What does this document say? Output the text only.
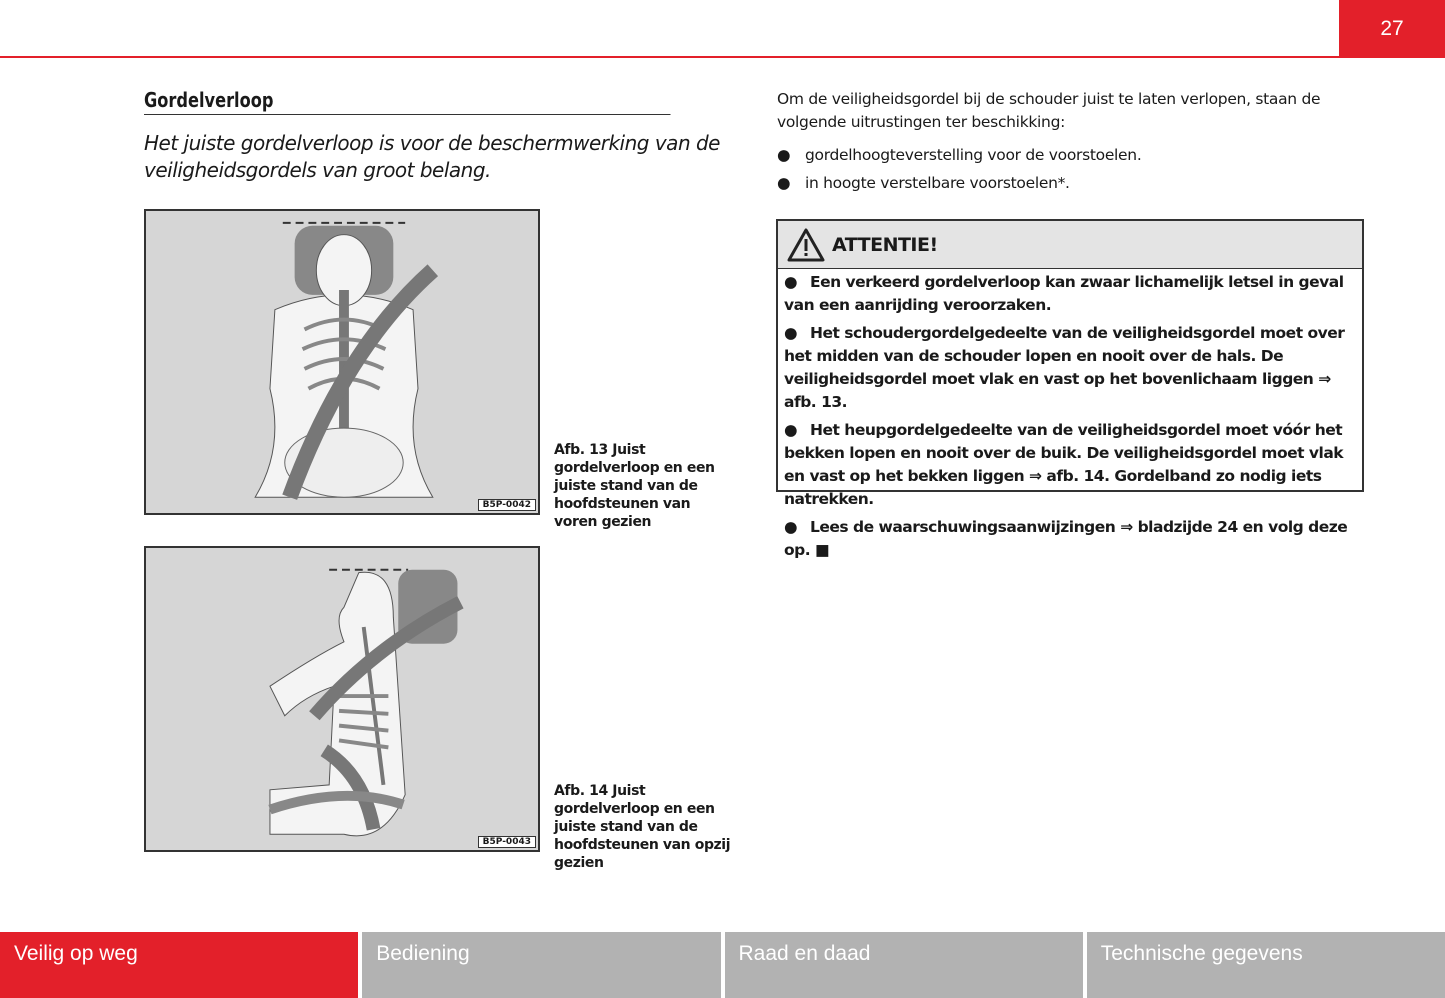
27
Gordelverloop
Het juiste gordelverloop is voor de beschermwerking van de veiligheidsgordels van groot belang.
B5P-0042
Afb. 13 Juist gordelverloop en een juiste stand van de hoofdsteunen van voren gezien
B5P-0043
Afb. 14 Juist gordelverloop en een juiste stand van de hoofdsteunen van opzij gezien
Om de veiligheidsgordel bij de schouder juist te laten verlopen, staan de volgende uitrustingen ter beschikking:
● gordelhoogteverstelling voor de voorstoelen.
● in hoogte verstelbare voorstoelen*.
ATTENTIE!

● Een verkeerd gordelverloop kan zwaar lichamelijk letsel in geval van een aanrijding veroorzaken.

● Het schoudergordelgedeelte van de veiligheidsgordel moet over het midden van de schouder lopen en nooit over de hals. De veiligheidsgordel moet vlak en vast op het bovenlichaam liggen ⇒ afb. 13.

● Het heupgordelgedeelte van de veiligheidsgordel moet vóór het bekken lopen en nooit over de buik. De veiligheidsgordel moet vlak en vast op het bekken liggen ⇒ afb. 14. Gordelband zo nodig iets natrekken.

● Lees de waarschuwingsaanwijzingen ⇒ bladzijde 24 en volg deze op. ■

Veilig op weg	Bediening	Raad en daad	Technische gegevens
